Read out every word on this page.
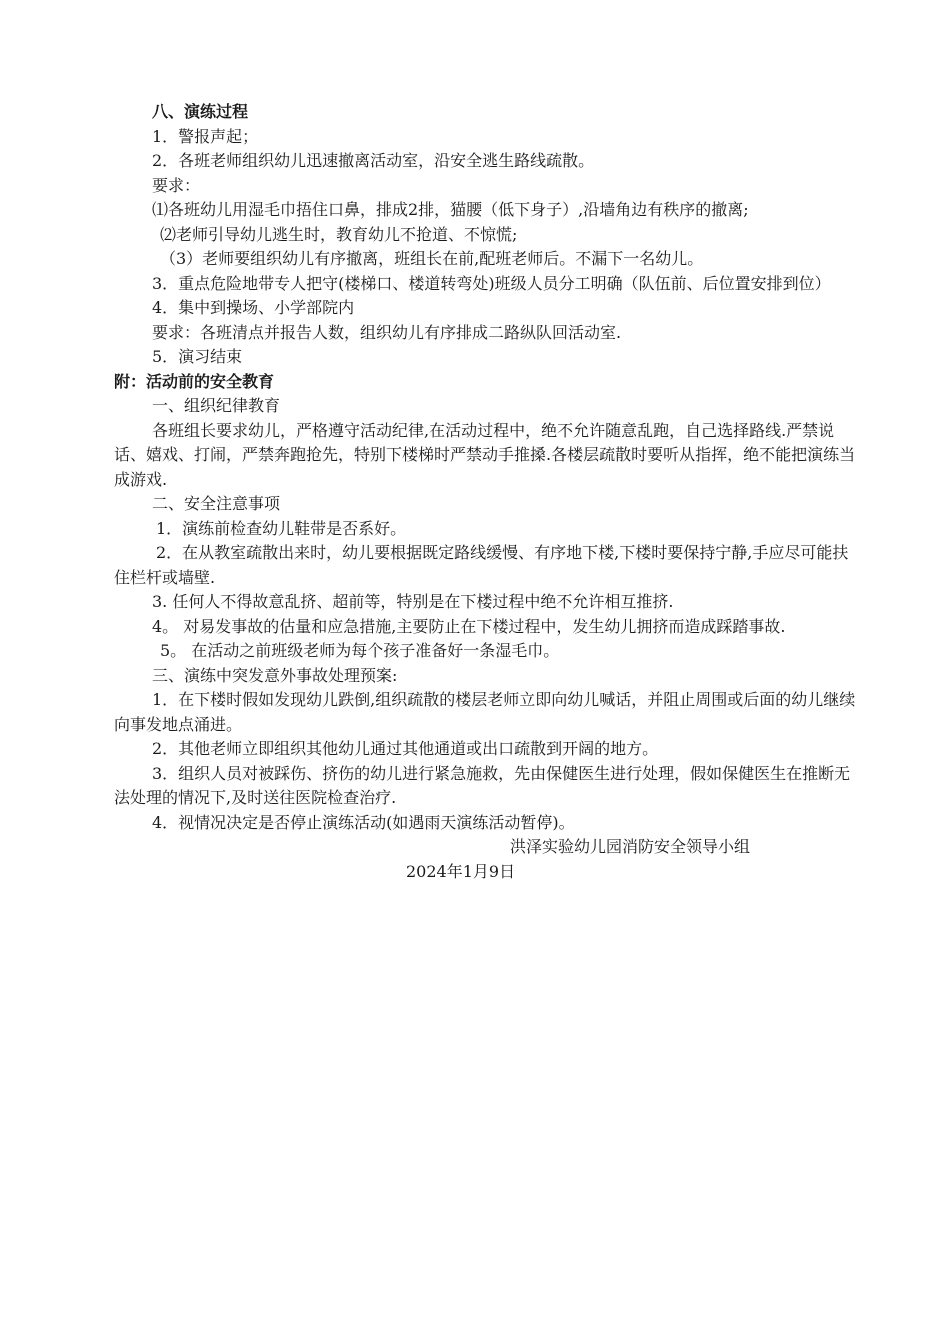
八、演练过程

1．警报声起；

2．各班老师组织幼儿迅速撤离活动室，沿安全逃生路线疏散。

要求：

⑴各班幼儿用湿毛巾捂住口鼻，排成2排，猫腰（低下身子）,沿墙角边有秩序的撤离;

⑵老师引导幼儿逃生时，教育幼儿不抢道、不惊慌;

（3）老师要组织幼儿有序撤离，班组长在前,配班老师后。不漏下一名幼儿。

3．重点危险地带专人把守(楼梯口、楼道转弯处)班级人员分工明确（队伍前、后位置安排到位）

4．集中到操场、小学部院内

要求：各班清点并报告人数，组织幼儿有序排成二路纵队回活动室.

5．演习结束

附：活动前的安全教育

一、组织纪律教育

各班组长要求幼儿，严格遵守活动纪律,在活动过程中，绝不允许随意乱跑，自己选择路线.严禁说话、嬉戏、打闹，严禁奔跑抢先，特别下楼梯时严禁动手推搡.各楼层疏散时要听从指挥，绝不能把演练当成游戏.

二、安全注意事项

1．演练前检查幼儿鞋带是否系好。

2．在从教室疏散出来时，幼儿要根据既定路线缓慢、有序地下楼,下楼时要保持宁静,手应尽可能扶住栏杆或墙壁.

3. 任何人不得故意乱挤、超前等，特别是在下楼过程中绝不允许相互推挤.

4。 对易发事故的估量和应急措施,主要防止在下楼过程中，发生幼儿拥挤而造成踩踏事故.

5。 在活动之前班级老师为每个孩子准备好一条湿毛巾。

三、演练中突发意外事故处理预案:

1．在下楼时假如发现幼儿跌倒,组织疏散的楼层老师立即向幼儿喊话，并阻止周围或后面的幼儿继续向事发地点涌进。

2．其他老师立即组织其他幼儿通过其他通道或出口疏散到开阔的地方。

3．组织人员对被踩伤、挤伤的幼儿进行紧急施救，先由保健医生进行处理，假如保健医生在推断无法处理的情况下,及时送往医院检查治疗.

4．视情况决定是否停止演练活动(如遇雨天演练活动暂停)。

洪泽实验幼儿园消防安全领导小组

2024年1月9日
